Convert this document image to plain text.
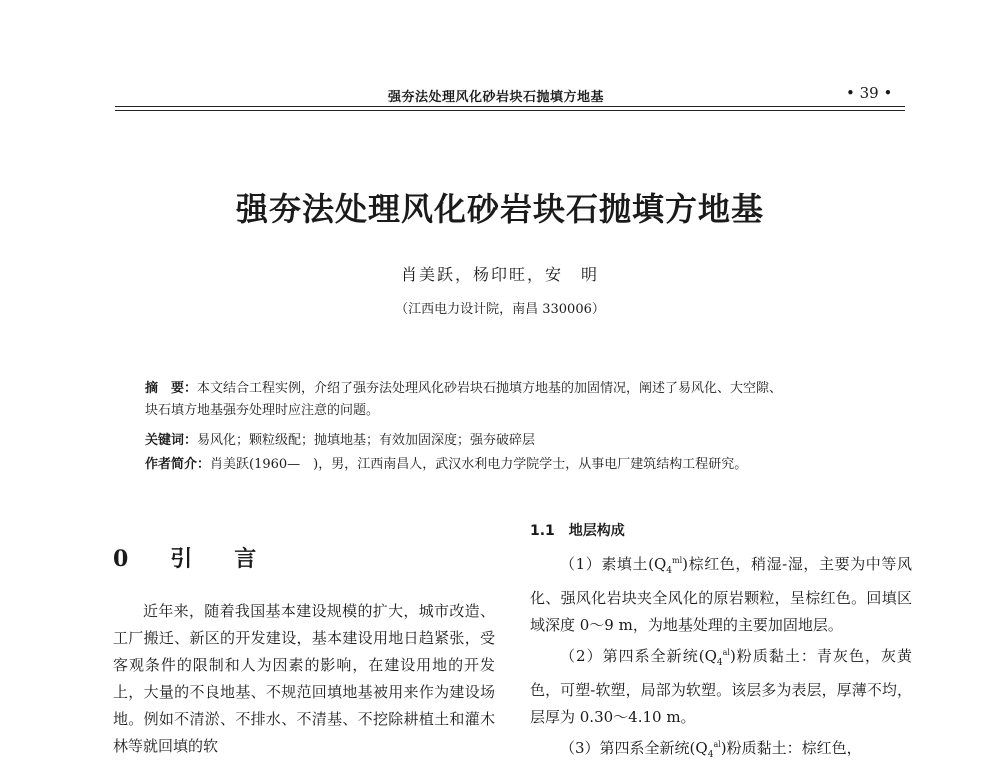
强夯法处理风化砂岩块石抛填方地基	• 39 •
强夯法处理风化砂岩块石抛填方地基
肖美跃，杨印旺，安　明
（江西电力设计院，南昌 330006）
摘　要：本文结合工程实例，介绍了强夯法处理风化砂岩块石抛填方地基的加固情况，阐述了易风化、大空隙、
块石填方地基强夯处理时应注意的问题。
关键词：易风化；颗粒级配；抛填地基；有效加固深度；强夯破碎层
作者简介：肖美跃(1960—　)，男，江西南昌人，武汉水利电力学院学士，从事电厂建筑结构工程研究。
0　引　言

近年来，随着我国基本建设规模的扩大，城市改造、工厂搬迁、新区的开发建设，基本建设用地日趋紧张，受客观条件的限制和人为因素的影响，在建设用地的开发上，大量的不良地基、不规范回填地基被用来作为建设场地。例如不清淤、不排水、不清基、不挖除耕植土和灌木林等就回填的软

1.1　地层构成

（1）素填土$(Q_4^{ml})$棕红色，稍湿-湿，主要为中等风化、强风化岩块夹全风化的原岩颗粒，呈棕红色。回填区域深度 0～9 m，为地基处理的主要加固地层。

（2）第四系全新统$(Q_4^{al})$粉质黏土：青灰色，灰黄色，可塑-软塑，局部为软塑。该层多为表层，厚薄不均，层厚为 0.30～4.10 m。

（3）第四系全新统$(Q_4^{al})$粉质黏土：棕红色，
